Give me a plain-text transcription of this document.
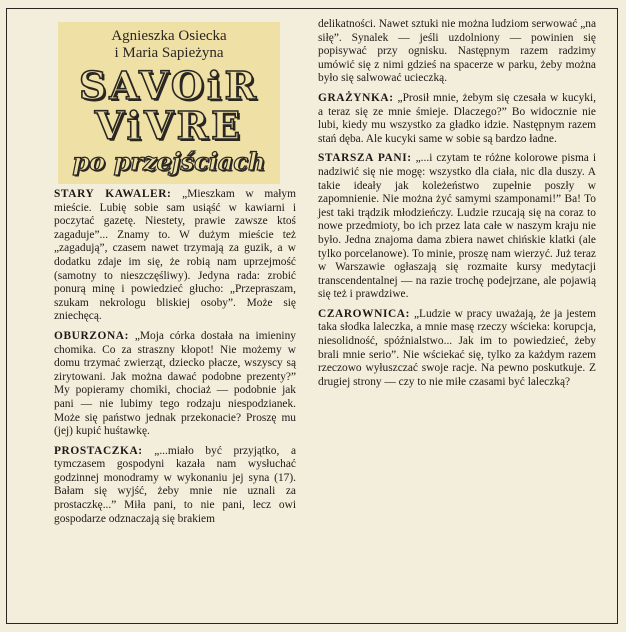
Agnieszka Osiecka
i Maria Sapieżyna
SAVOiR
ViVRE
po przejściach

STARY KAWALER: „Mieszkam w małym mieście. Lubię sobie sam usiąść w kawiarni i poczytać gazetę. Niestety, prawie zawsze ktoś zagaduje”... Znamy to. W dużym mieście też „zagadują”, czasem nawet trzymają za guzik, a w dodatku zdaje im się, że robią nam uprzejmość (samotny to nieszczęśliwy). Jedyna rada: zrobić ponurą minę i powiedzieć głucho: „Przepraszam, szukam nekrologu bliskiej osoby”. Może się zniechęcą.

OBURZONA: „Moja córka dostała na imieniny chomika. Co za straszny kłopot! Nie możemy w domu trzymać zwierząt, dziecko płacze, wszyscy są zirytowani. Jak można dawać podobne prezenty?” My popieramy chomiki, chociaż — podobnie jak pani — nie lubimy tego rodzaju niespodzianek. Może się państwo jednak przekonacie? Proszę mu (jej) kupić huśtawkę.

PROSTACZKA: „...miało być przyjątko, a tymczasem gospodyni kazała nam wysłuchać godzinnej monodramy w wykonaniu jej syna (17). Bałam się wyjść, żeby mnie nie uznali za prostaczkę...” Miła pani, to nie pani, lecz owi gospodarze odznaczają się brakiem

delikatności. Nawet sztuki nie można ludziom serwować „na siłę”. Synalek — jeśli uzdolniony — powinien się popisywać przy ognisku. Następnym razem radzimy umówić się z nimi gdzieś na spacerze w parku, żeby można było się salwować ucieczką.

GRAŻYNKA: „Prosił mnie, żebym się czesała w kucyki, a teraz się ze mnie śmieje. Dlaczego?” Bo widocznie nie lubi, kiedy mu wszystko za gładko idzie. Następnym razem stań dęba. Ale kucyki same w sobie są bardzo ładne.

STARSZA PANI: „...i czytam te różne kolorowe pisma i nadziwić się nie mogę: wszystko dla ciała, nic dla duszy. A takie ideały jak koleżeństwo zupełnie poszły w zapomnienie. Nie można żyć samymi szamponami!” Ba! To jest taki trądzik młodzieńczy. Ludzie rzucają się na coraz to nowe przedmioty, bo ich przez lata całe w naszym kraju nie było. Jedna znajoma dama zbiera nawet chińskie klatki (ale tylko porcelanowe). To minie, proszę nam wierzyć. Już teraz w Warszawie ogłaszają się rozmaite kursy medytacji transcendentalnej — na razie trochę podejrzane, ale pojawią się też i prawdziwe.

CZAROWNICA: „Ludzie w pracy uważają, że ja jestem taka słodka laleczka, a mnie masę rzeczy wścieka: korupcja, niesolidność, spóźnialstwo... Jak im to powiedzieć, żeby brali mnie serio”. Nie wściekać się, tylko za każdym razem rzeczowo wyłuszczać swoje racje. Na pewno poskutkuje. Z drugiej strony — czy to nie miłe czasami być laleczką?
